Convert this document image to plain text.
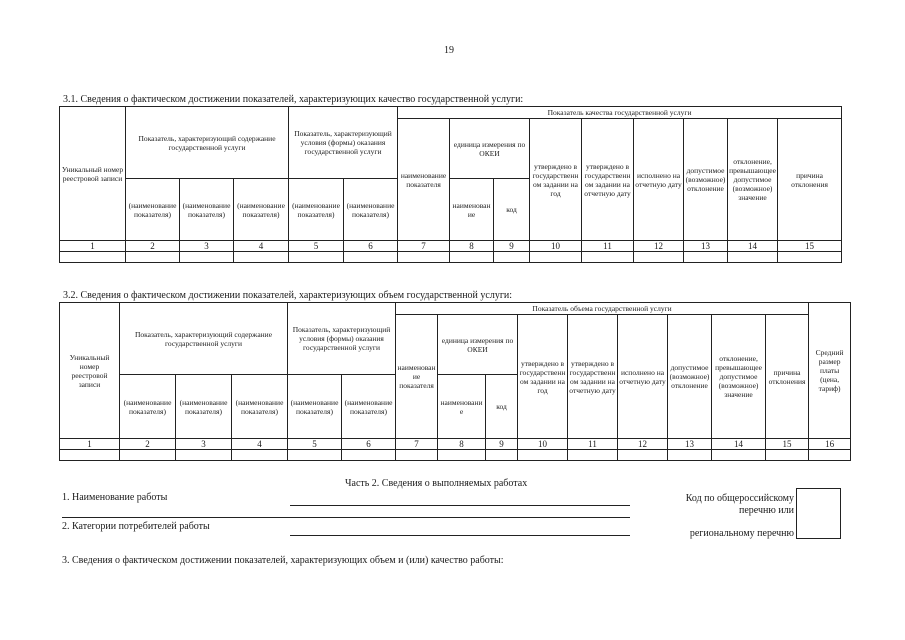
19
3.1. Сведения о фактическом достижении показателей, характеризующих качество государственной услуги:
Уникальный номер реестровой записи	Показатель, характеризующий содержание государственной услуги			Показатель, характеризующий условия (формы) оказания государственной услуги		Показатель качества государственной услуги								
						наименование показателя	единица измерения по ОКЕИ		утверждено в государственном задании на год	утверждено в государственном задании на отчетную дату	исполнено на отчетную дату	допустимое (возможное) отклонение	отклонение, превышающее допустимое (возможное) значение	причина отклонения
	(наименование показателя)	(наименование показателя)	(наименование показателя)	(наименование показателя)	(наименование показателя)		наименование	код						
1	2	3	4	5	6	7	8	9	10	11	12	13	14	15

3.2. Сведения о фактическом достижении показателей, характеризующих объем государственной услуги:
Уникальный номер реестровой записи	Показатель, характеризующий содержание государственной услуги			Показатель, характеризующий условия (формы) оказания государственной услуги		Показатель объема государственной услуги									Средний размер платы (цена, тариф)
						наименование показателя	единица измерения по ОКЕИ		утверждено в государственном задании на год	утверждено в государственном задании на отчетную дату	исполнено на отчетную дату	допустимое (возможное) отклонение	отклонение, превышающее допустимое (возможное) значение	причина отклонения	
	(наименование показателя)	(наименование показателя)	(наименование показателя)	(наименование показателя)	(наименование показателя)		наименование	код							
1	2	3	4	5	6	7	8	9	10	11	12	13	14	15	16

Часть 2. Сведения о выполняемых работах
1. Наименование работы
2. Категории потребителей работы
Код по общероссийскому
перечню или
региональному перечню
3. Сведения о фактическом достижении показателей, характеризующих объем и (или) качество работы:
